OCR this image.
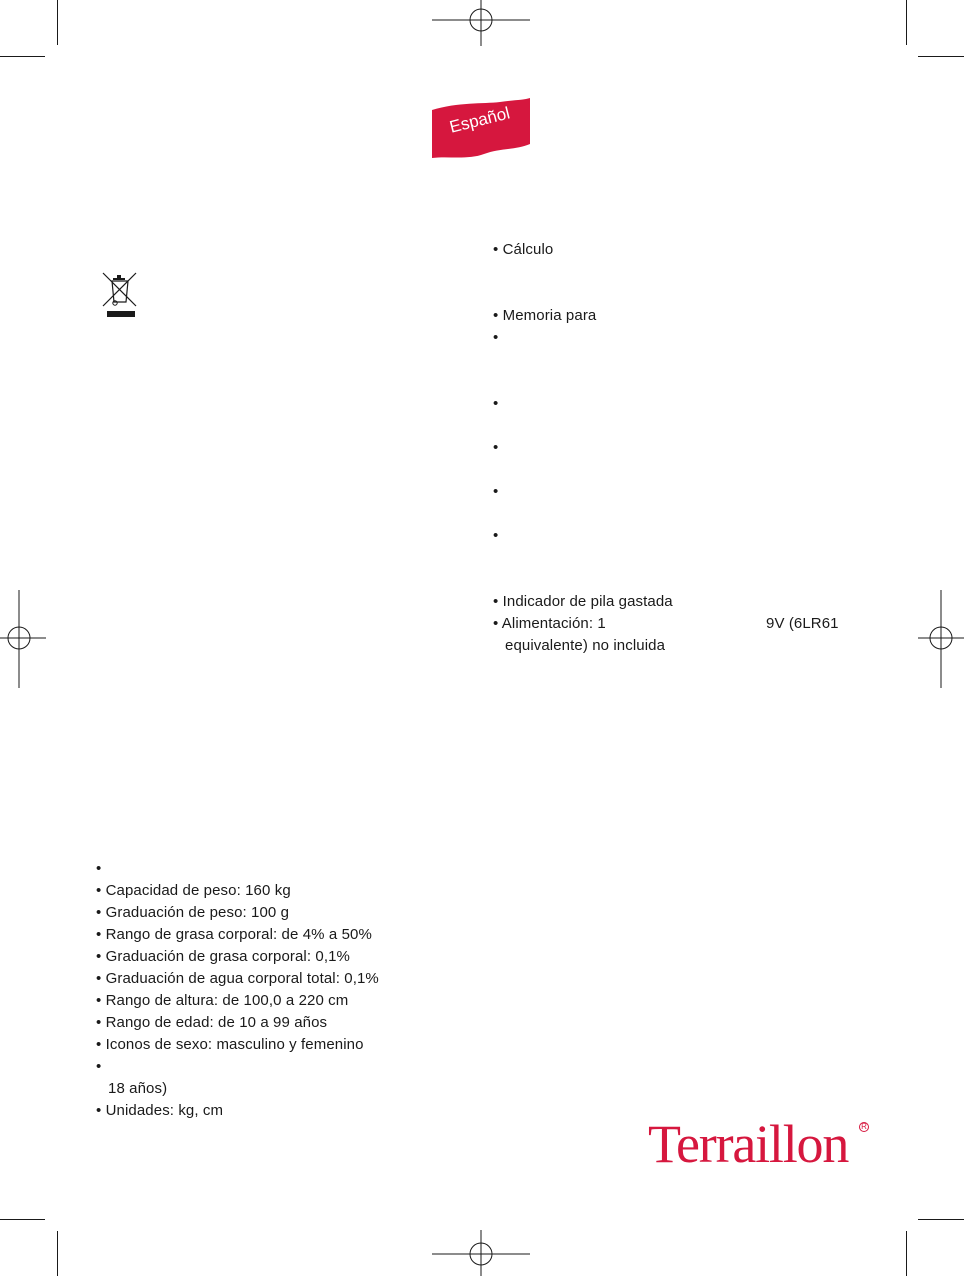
Español
• Cálculo
• Memoria para
•
•
•
•
•
• Indicador de pila gastada
• Alimentación: 1	9V (6LR61
equivalente) no incluida
•
• Capacidad de peso: 160 kg
• Graduación de peso: 100 g
• Rango de grasa corporal: de 4% a 50%
• Graduación de grasa corporal: 0,1%
• Graduación de agua corporal total: 0,1%
• Rango de altura: de 100,0 a 220 cm
• Rango de edad: de 10 a 99 años
• Iconos de sexo: masculino y femenino
•
18 años)
• Unidades: kg, cm
Terraillon R
